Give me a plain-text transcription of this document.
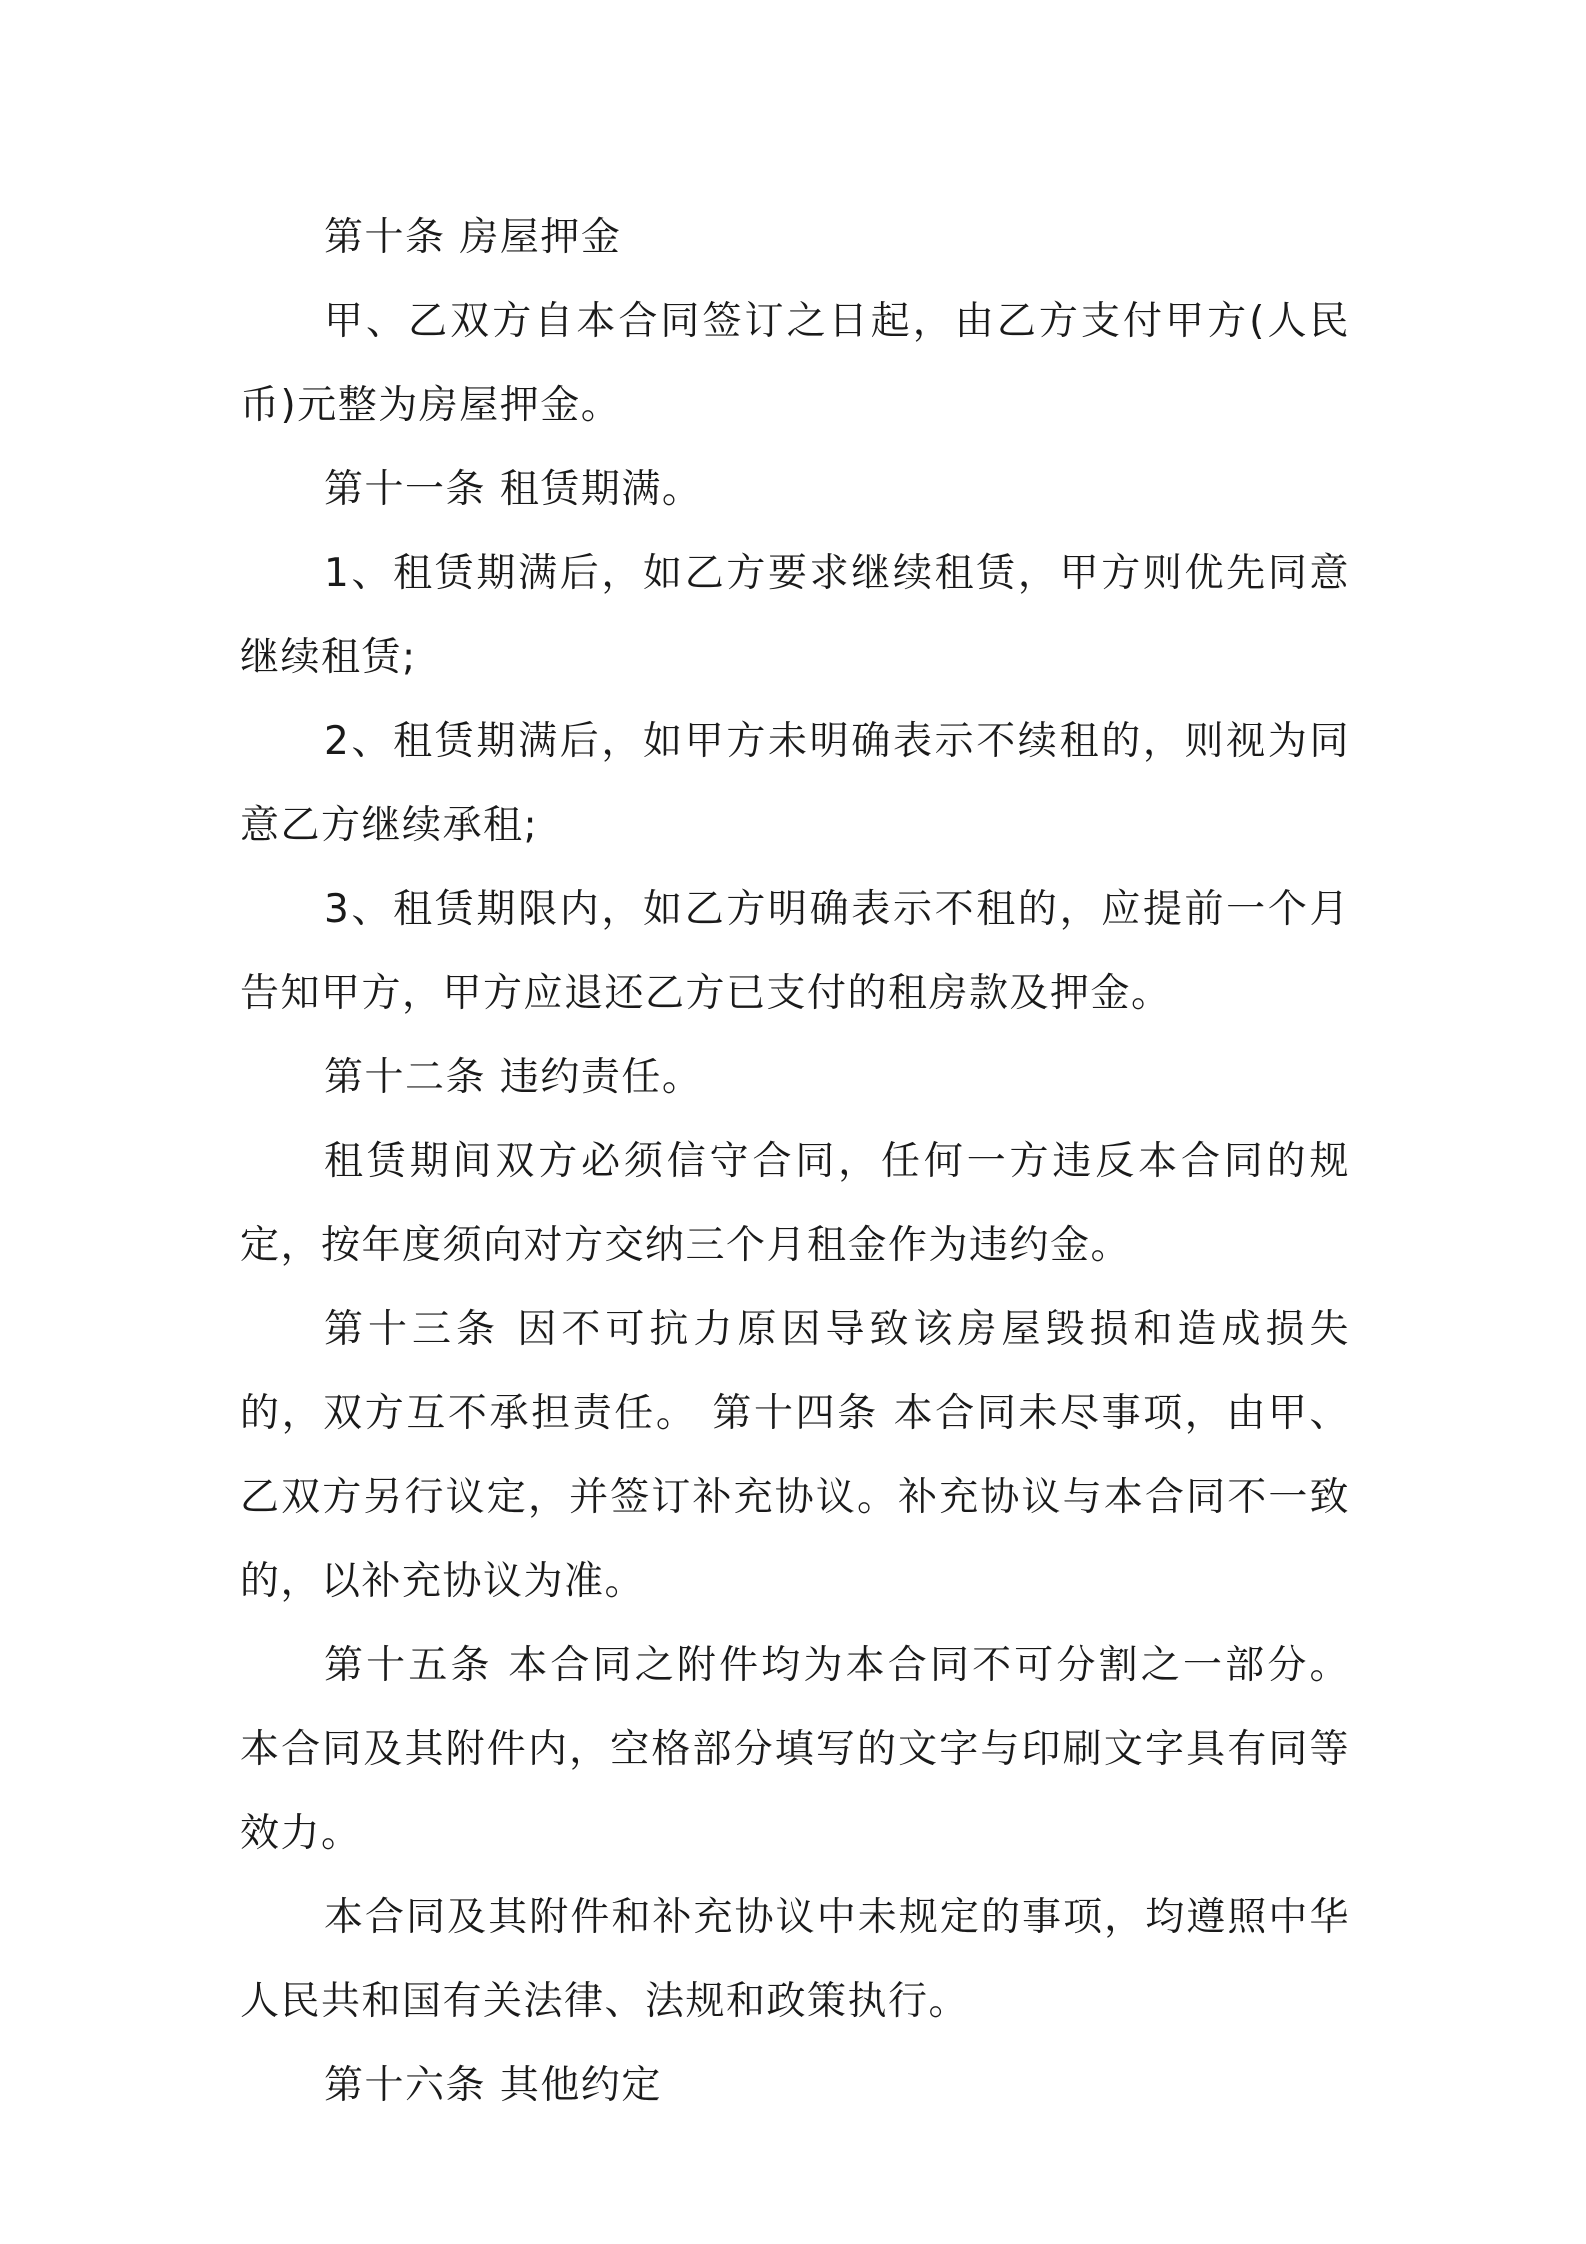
第十条 房屋押金

甲、乙双方自本合同签订之日起，由乙方支付甲方(人民币)元整为房屋押金。

第十一条 租赁期满。

1、租赁期满后，如乙方要求继续租赁，甲方则优先同意继续租赁;

2、租赁期满后，如甲方未明确表示不续租的，则视为同意乙方继续承租;

3、租赁期限内，如乙方明确表示不租的，应提前一个月告知甲方，甲方应退还乙方已支付的租房款及押金。

第十二条 违约责任。

租赁期间双方必须信守合同，任何一方违反本合同的规定，按年度须向对方交纳三个月租金作为违约金。

第十三条 因不可抗力原因导致该房屋毁损和造成损失的，双方互不承担责任。 第十四条 本合同未尽事项，由甲、乙双方另行议定，并签订补充协议。补充协议与本合同不一致的，以补充协议为准。

第十五条 本合同之附件均为本合同不可分割之一部分。本合同及其附件内，空格部分填写的文字与印刷文字具有同等效力。

本合同及其附件和补充协议中未规定的事项，均遵照中华人民共和国有关法律、法规和政策执行。

第十六条 其他约定
